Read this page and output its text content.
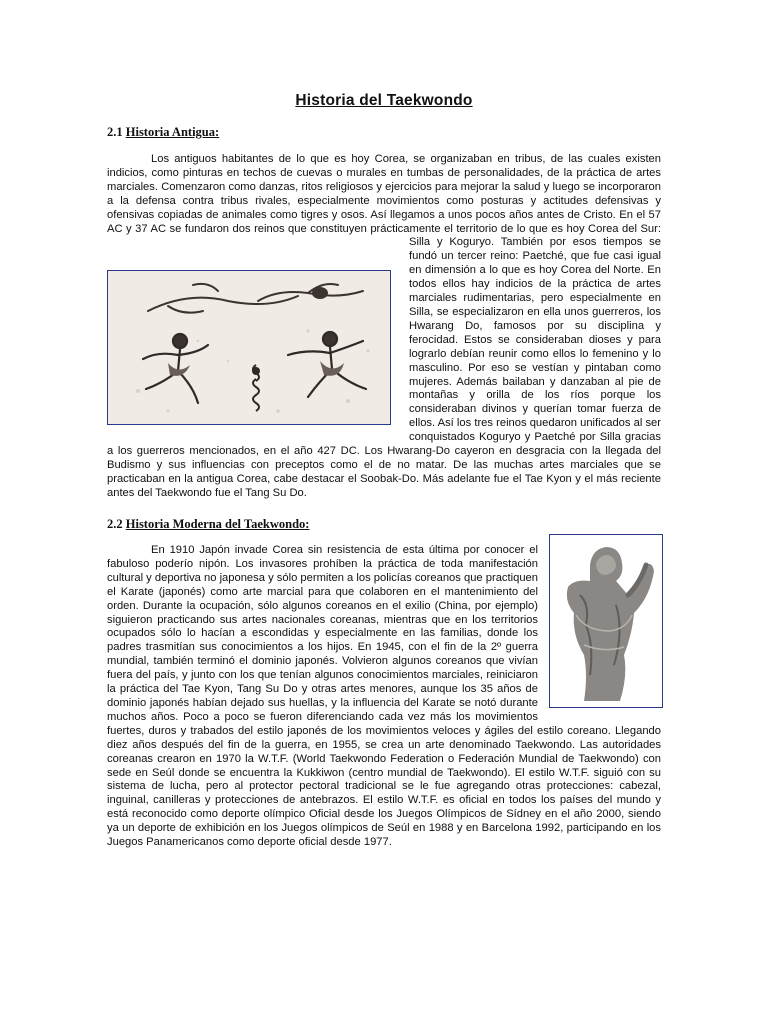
Historia del Taekwondo
2.1 Historia Antigua:
Los antiguos habitantes de lo que es hoy Corea, se organizaban en tribus, de las cuales existen indicios, como pinturas en techos de cuevas o murales en tumbas de personalidades, de la práctica de artes marciales. Comenzaron como danzas, ritos religiosos y ejercicios para mejorar la salud y luego se incorporaron a la defensa contra tribus rivales, especialmente movimientos como posturas y actitudes defensivas y ofensivas copiadas de animales como tigres y osos. Así llegamos a unos pocos años antes de Cristo. En el 57 AC y 37 AC se fundaron dos reinos que constituyen prácticamente el territorio de lo que es hoy Corea del Sur: Silla y Koguryo. También por esos tiempos se fundó un tercer reino: Paetché, que fue casi igual en dimensión a lo que es hoy Corea del Norte. En todos ellos hay indicios de la práctica de artes marciales rudimentarias, pero especialmente en Silla, se especializaron en ella unos guerreros, los Hwarang Do, famosos por su disciplina y ferocidad. Estos se consideraban dioses y para lograrlo debían reunir como ellos lo femenino y lo masculino. Por eso se vestían y pintaban como mujeres. Además bailaban y danzaban al pie de montañas y orilla de los ríos porque los consideraban divinos y querían tomar fuerza de ellos. Así los tres reinos quedaron unificados al ser conquistados Koguryo y Paetché por Silla gracias a los guerreros mencionados, en el año 427 DC. Los Hwarang-Do cayeron en desgracia con la llegada del Budismo y sus influencias con preceptos como el de no matar. De las muchas artes marciales que se practicaban en la antigua Corea, cabe destacar el Soobak-Do. Más adelante fue el Tae Kyon y el más reciente antes del Taekwondo fue el Tang Su Do.
2.2 Historia Moderna del Taekwondo:
En 1910 Japón invade Corea sin resistencia de esta última por conocer el fabuloso poderío nipón. Los invasores prohíben la práctica de toda manifestación cultural y deportiva no japonesa y sólo permiten a los policías coreanos que practiquen el Karate (japonés) como arte marcial para que colaboren en el mantenimiento del orden. Durante la ocupación, sólo algunos coreanos en el exilio (China, por ejemplo) siguieron practicando sus artes nacionales coreanas, mientras que en los territorios ocupados sólo lo hacían a escondidas y especialmente en las familias, donde los padres trasmitían sus conocimientos a los hijos. En 1945, con el fin de la 2º guerra mundial, también terminó el dominio japonés. Volvieron algunos coreanos que vivían fuera del país, y junto con los que tenían algunos conocimientos marciales, reiniciaron la práctica del Tae Kyon, Tang Su Do y otras artes menores, aunque los 35 años de dominio japonés habían dejado sus huellas, y la influencia del Karate se notó durante muchos años. Poco a poco se fueron diferenciando cada vez más los movimientos fuertes, duros y trabados del estilo japonés de los movimientos veloces y ágiles del estilo coreano. Llegando diez años después del fin de la guerra, en 1955, se crea un arte denominado Taekwondo. Las autoridades coreanas crearon en 1970 la W.T.F. (World Taekwondo Federation o Federación Mundial de Taekwondo) con sede en Seúl donde se encuentra la Kukkiwon (centro mundial de Taekwondo). El estilo W.T.F. siguió con su sistema de lucha, pero al protector pectoral tradicional se le fue agregando otras protecciones: cabezal, inguinal, canilleras y protecciones de antebrazos. El estilo W.T.F. es oficial en todos los países del mundo y está reconocido como deporte olímpico Oficial desde los Juegos Olímpicos de Sídney en el año 2000, siendo ya un deporte de exhibición en los Juegos olímpicos de Seúl en 1988 y en Barcelona 1992, participando en los Juegos Panamericanos como deporte oficial desde 1977.
